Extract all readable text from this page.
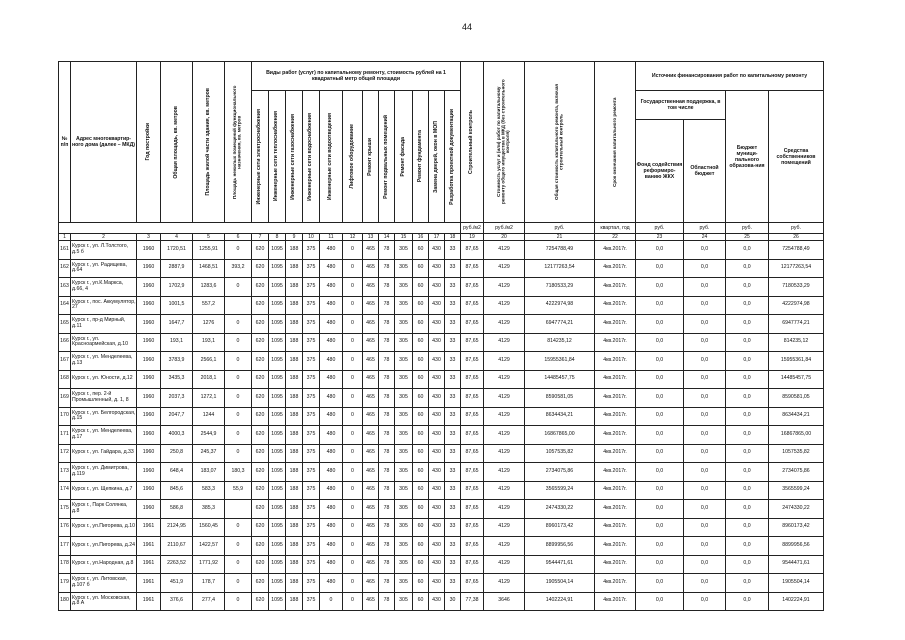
44
№ п/п	Адрес многоквартир-ного дома (далее – МКД)	Год постройки	Общая площадь, кв. метров	Площадь жилой части здания, кв. метров	Площадь нежилых помещений функционального назначения, кв. метров	Виды работ (услуг) по капитальному ремонту, стоимость рублей на 1 квадратный метр общей площади												Строительный контроль	Стоимость услуг и (или) работ по капитальному ремонту общего имущества в МКД (без строительного контроля)	Общая стоимость капитального ремонта, включая строительный контроль	Срок окончания капитального ремонта	Источник финансирования работ по капитальному ремонту			

						Инженерные сети электроснабжения	Инженерные сети теплоснабжения	Инженерные сети газоснабжения	Инженерные сети водоснабжения	Инженерные сети водоотведения	Лифтовое оборудование	Ремонт крыши	Ремонт подвальных помещений	Ремонт фасада	Ремонт фундамента	Замена дверей, окон в МОП	Разработка проектной документации					Государственная поддержка, в том числе		Бюджет муници-пального образова-ния	Средства собственников помещений
																						Фонд содействия реформиро-ванию ЖКХ	Областной бюджет		
																		руб./м2	руб./м2	руб.	квартал, год	руб.	руб.	руб.	руб.
1	2	3	4	5	6	7	8	9	10	11	12	13	14	15	16	17	18	19	20	21	22	23	24	25	26
161	Курск г., ул. Л.Толстого, д.5 б	1960	1720,51	1255,91	0	620	1095	188	375	480	0	465	78	305	60	430	33	87,65	4129	7254788,49	4кв.2017г.	0,0	0,0	0,0	7254788,49
162	Курск г., ул. Радищева, д.64	1960	2887,9	1468,51	393,2	620	1095	188	375	480	0	465	78	305	60	430	33	87,65	4129	12177263,54	4кв.2017г.	0,0	0,0	0,0	12177263,54
163	Курск г., ул.К.Маркса, д.66, 4	1960	1702,9	1283,6	0	620	1095	188	375	480	0	465	78	305	60	430	33	87,65	4129	7180533,29	4кв.2017г.	0,0	0,0	0,0	7180533,29
164	Курск г., пос. Аккумулятор, 27	1960	1001,5	557,2		620	1095	188	375	480	0	465	78	305	60	430	33	87,65	4129	4222974,98	4кв.2017г.	0,0	0,0	0,0	4222974,98
165	Курск г., пр-д Мирный, д.11	1960	1647,7	1276	0	620	1095	188	375	480	0	465	78	305	60	430	33	87,65	4129	6947774,21	4кв.2017г.	0,0	0,0	0,0	6947774,21
166	Курск г., ул. Красноармейская, д.10	1960	193,1	193,1	0	620	1095	188	375	480	0	465	78	305	60	430	33	87,65	4129	814235,12	4кв.2017г.	0,0	0,0	0,0	814235,12
167	Курск г., ул. Менделеева, д.13	1960	3783,9	2566,1	0	620	1095	188	375	480	0	465	78	305	60	430	33	87,65	4129	15955361,84	4кв.2017г.	0,0	0,0	0,0	15955361,84
168	Курск г., ул. Юности, д.12	1960	3435,3	2018,1	0	620	1095	188	375	480	0	465	78	305	60	430	33	87,65	4129	14485457,75	4кв.2017г.	0,0	0,0	0,0	14485457,75
169	Курск г., пер. 2-й Промышленный, д. 1, 8	1960	2037,3	1272,1	0	620	1095	188	375	480	0	465	78	305	60	430	33	87,65	4129	8590581,05	4кв.2017г.	0,0	0,0	0,0	8590581,05
170	Курск г., ул. Белгородская, д.15	1960	2047,7	1244	0	620	1095	188	375	480	0	465	78	305	60	430	33	87,65	4129	8634434,21	4кв.2017г.	0,0	0,0	0,0	8634434,21
171	Курск г., ул. Менделеева, д.17	1960	4000,3	2544,9	0	620	1095	188	375	480	0	465	78	305	60	430	33	87,65	4129	16867865,00	4кв.2017г.	0,0	0,0	0,0	16867865,00
172	Курск г., ул. Гайдара, д.33	1960	250,8	245,37	0	620	1095	188	375	480	0	465	78	305	60	430	33	87,65	4129	1057535,82	4кв.2017г.	0,0	0,0	0,0	1057535,82
173	Курск г., ул. Димитрова, д.119	1960	648,4	183,07	180,3	620	1095	188	375	480	0	465	78	305	60	430	33	87,65	4129	2734075,86	4кв.2017г.	0,0	0,0	0,0	2734075,86
174	Курск г., ул. Щепкина, д.7	1960	845,6	583,3	55,9	620	1095	188	375	480	0	465	78	305	60	430	33	87,65	4129	3565599,24	4кв.2017г.	0,0	0,0	0,0	3565599,24
175	Курск г., Парк Солянка, д.8	1960	586,8	385,3		620	1095	188	375	480	0	465	78	305	60	430	33	87,65	4129	2474330,22	4кв.2017г.	0,0	0,0	0,0	2474330,22
176	Курск г., ул.Пигорева, д.10	1961	2124,95	1560,45	0	620	1095	188	375	480	0	465	78	305	60	430	33	87,65	4129	8960173,42	4кв.2017г.	0,0	0,0	0,0	8960173,42
177	Курск г., ул.Пигорева, д.24	1961	2110,67	1422,57	0	620	1095	188	375	480	0	465	78	305	60	430	33	87,65	4129	8899956,56	4кв.2017г.	0,0	0,0	0,0	8899956,56
178	Курск г., ул.Народная, д.8	1961	2263,52	1771,92	0	620	1095	188	375	480	0	465	78	305	60	430	33	87,65	4129	9544471,61	4кв.2017г.	0,0	0,0	0,0	9544471,61
179	Курск г., ул. Литовская, д.107 б	1961	451,9	178,7	0	620	1095	188	375	480	0	465	78	305	60	430	33	87,65	4129	1905504,14	4кв.2017г.	0,0	0,0	0,0	1905504,14
180	Курск г., ул. Московская, д.8 А	1961	376,6	277,4	0	620	1095	188	375	0	0	465	78	305	60	430	30	77,38	3646	1402224,91	4кв.2017г.	0,0	0,0	0,0	1402224,91
